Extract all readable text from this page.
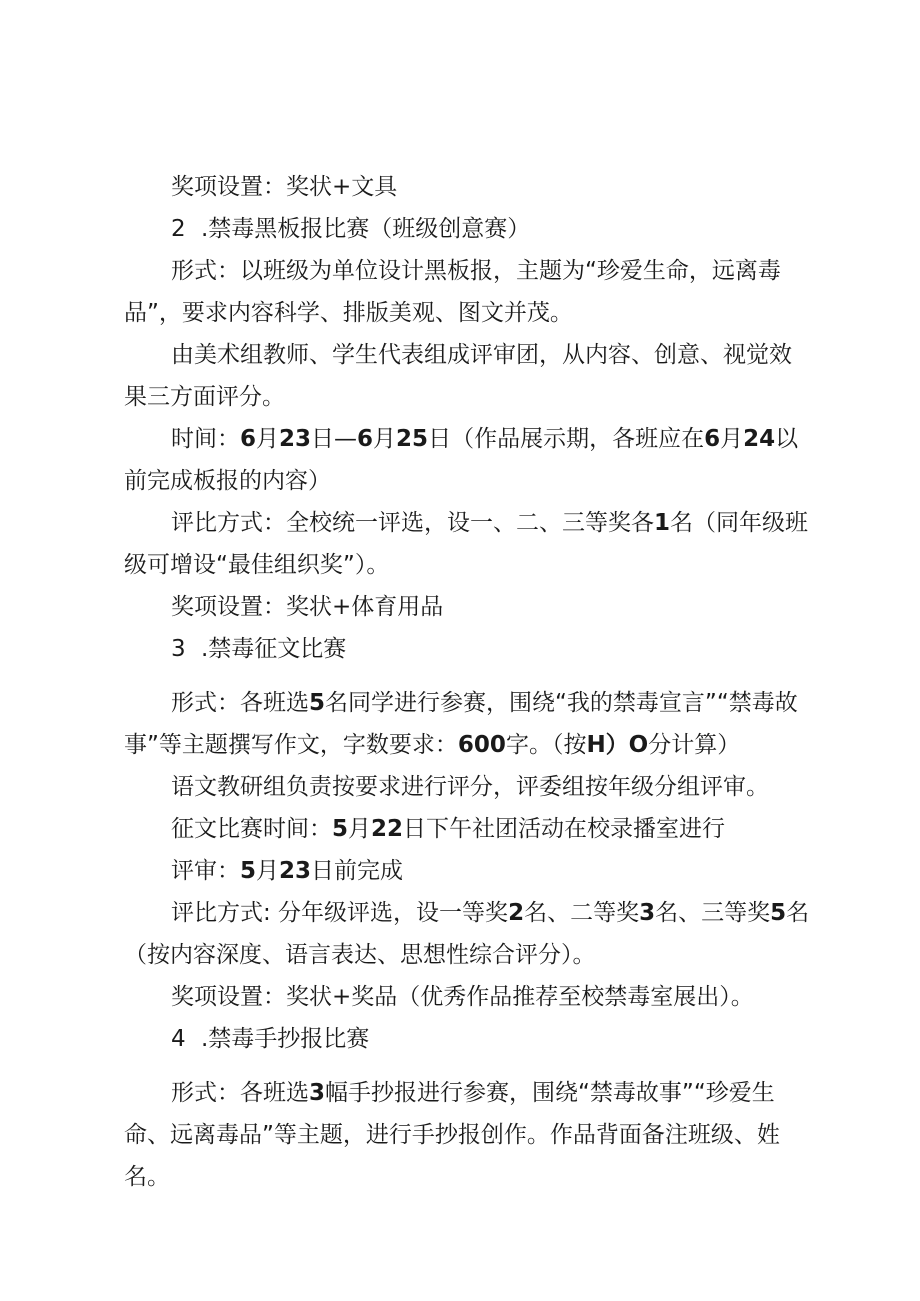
奖项设置：奖状+文具

2 .禁毒黑板报比赛（班级创意赛）

形式：以班级为单位设计黑板报，主题为“珍爱生命，远离毒品”，要求内容科学、排版美观、图文并茂。

由美术组教师、学生代表组成评审团，从内容、创意、视觉效果三方面评分。

时间：6月23日—6月25日（作品展示期，各班应在6月24以前完成板报的内容）

评比方式：全校统一评选，设一、二、三等奖各1名（同年级班级可增设“最佳组织奖”）。

奖项设置：奖状+体育用品

3 .禁毒征文比赛

形式：各班选5名同学进行参赛，围绕“我的禁毒宣言”“禁毒故事”等主题撰写作文，字数要求：600字。（按H）O分计算）

语文教研组负责按要求进行评分，评委组按年级分组评审。

征文比赛时间：5月22日下午社团活动在校录播室进行

评审：5月23日前完成

评比方式: 分年级评选，设一等奖2名、二等奖3名、三等奖5名（按内容深度、语言表达、思想性综合评分）。

奖项设置：奖状+奖品（优秀作品推荐至校禁毒室展出）。

4 .禁毒手抄报比赛

形式：各班选3幅手抄报进行参赛，围绕“禁毒故事”“珍爱生命、远离毒品”等主题，进行手抄报创作。作品背面备注班级、姓名。
